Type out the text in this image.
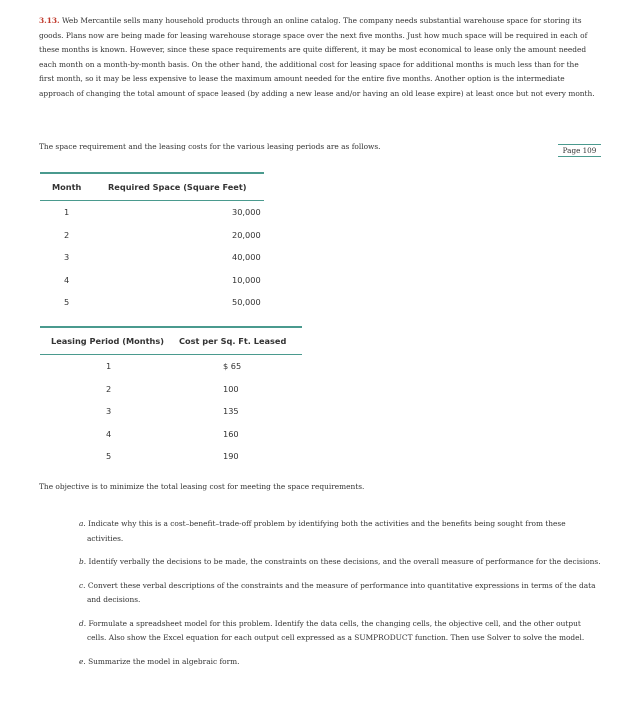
3.13. Web Mercantile sells many household products through an online catalog. The company needs substantial warehouse space for storing its goods. Plans now are being made for leasing warehouse storage space over the next five months. Just how much space will be required in each of these months is known. However, since these space requirements are quite different, it may be most economical to lease only the amount needed each month on a month-by-month basis. On the other hand, the additional cost for leasing space for additional months is much less than for the first month, so it may be less expensive to lease the maximum amount needed for the entire five months. Another option is the intermediate approach of changing the total amount of space leased (by adding a new lease and/or having an old lease expire) at least once but not every month.
The space requirement and the leasing costs for the various leasing periods are as follows.	Page 109
Month	Required Space (Square Feet)
1	30,000
2	20,000
3	40,000
4	10,000
5	50,000
Leasing Period (Months)	Cost per Sq. Ft. Leased
1	$ 65
2	100
3	135
4	160
5	190
The objective is to minimize the total leasing cost for meeting the space requirements.
a. Indicate why this is a cost–benefit–trade-off problem by identifying both the activities and the benefits being sought from these activities.
b. Identify verbally the decisions to be made, the constraints on these decisions, and the overall measure of performance for the decisions.
c. Convert these verbal descriptions of the constraints and the measure of performance into quantitative expressions in terms of the data and decisions.
d. Formulate a spreadsheet model for this problem. Identify the data cells, the changing cells, the objective cell, and the other output cells. Also show the Excel equation for each output cell expressed as a SUMPRODUCT function. Then use Solver to solve the model.
e. Summarize the model in algebraic form.
